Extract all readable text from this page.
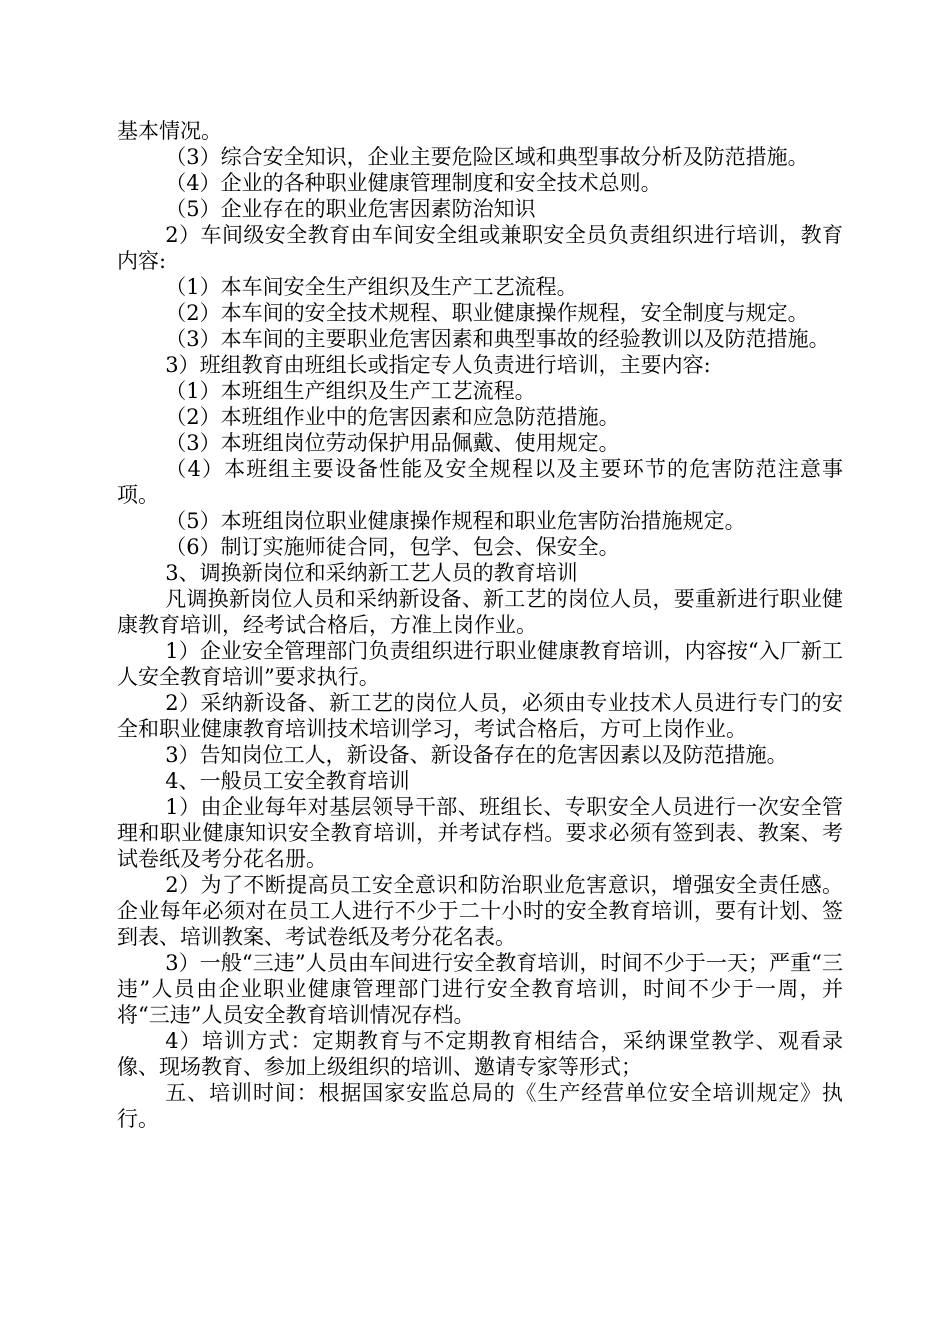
基本情况。

（3）综合安全知识，企业主要危险区域和典型事故分析及防范措施。

（4）企业的各种职业健康管理制度和安全技术总则。

（5）企业存在的职业危害因素防治知识

2）车间级安全教育由车间安全组或兼职安全员负责组织进行培训，教育内容:

（1）本车间安全生产组织及生产工艺流程。

（2）本车间的安全技术规程、职业健康操作规程，安全制度与规定。

（3）本车间的主要职业危害因素和典型事故的经验教训以及防范措施。

3）班组教育由班组长或指定专人负责进行培训，主要内容:

（1）本班组生产组织及生产工艺流程。

（2）本班组作业中的危害因素和应急防范措施。

（3）本班组岗位劳动保护用品佩戴、使用规定。

（4）本班组主要设备性能及安全规程以及主要环节的危害防范注意事项。

（5）本班组岗位职业健康操作规程和职业危害防治措施规定。

（6）制订实施师徒合同，包学、包会、保安全。

3、调换新岗位和采纳新工艺人员的教育培训

凡调换新岗位人员和采纳新设备、新工艺的岗位人员，要重新进行职业健康教育培训，经考试合格后，方准上岗作业。

1）企业安全管理部门负责组织进行职业健康教育培训，内容按“入厂新工人安全教育培训”要求执行。

2）采纳新设备、新工艺的岗位人员，必须由专业技术人员进行专门的安全和职业健康教育培训技术培训学习，考试合格后，方可上岗作业。

3）告知岗位工人，新设备、新设备存在的危害因素以及防范措施。

4、一般员工安全教育培训

1）由企业每年对基层领导干部、班组长、专职安全人员进行一次安全管理和职业健康知识安全教育培训，并考试存档。要求必须有签到表、教案、考试卷纸及考分花名册。

2）为了不断提高员工安全意识和防治职业危害意识，增强安全责任感。企业每年必须对在员工人进行不少于二十小时的安全教育培训，要有计划、签到表、培训教案、考试卷纸及考分花名表。

3）一般“三违”人员由车间进行安全教育培训，时间不少于一天；严重“三违”人员由企业职业健康管理部门进行安全教育培训，时间不少于一周，并将“三违”人员安全教育培训情况存档。

4）培训方式：定期教育与不定期教育相结合，采纳课堂教学、观看录像、现场教育、参加上级组织的培训、邀请专家等形式；

五、培训时间：根据国家安监总局的《生产经营单位安全培训规定》执行。
